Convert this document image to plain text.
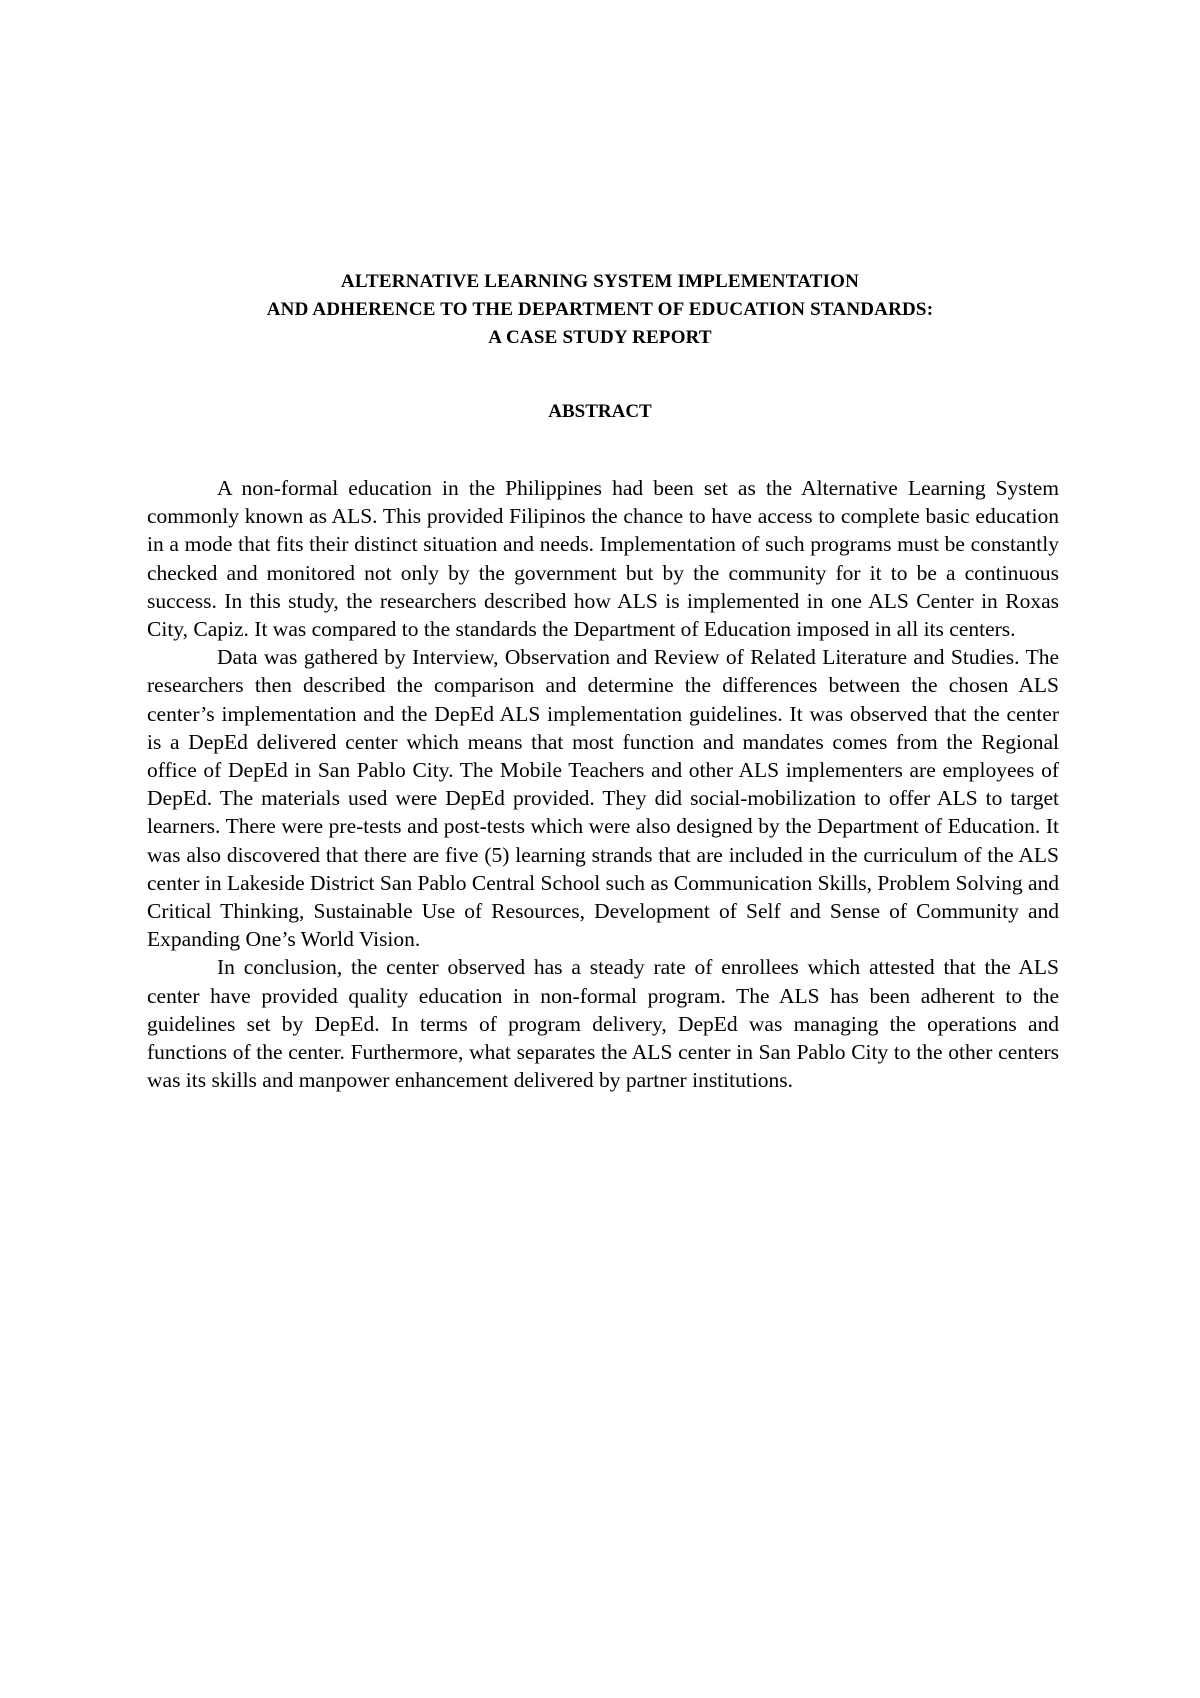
ALTERNATIVE LEARNING SYSTEM IMPLEMENTATION
AND ADHERENCE TO THE DEPARTMENT OF EDUCATION STANDARDS:
A CASE STUDY REPORT
ABSTRACT

A non-formal education in the Philippines had been set as the Alternative Learning System commonly known as ALS. This provided Filipinos the chance to have access to complete basic education in a mode that fits their distinct situation and needs. Implementation of such programs must be constantly checked and monitored not only by the government but by the community for it to be a continuous success. In this study, the researchers described how ALS is implemented in one ALS Center in Roxas City, Capiz. It was compared to the standards the Department of Education imposed in all its centers.

Data was gathered by Interview, Observation and Review of Related Literature and Studies. The researchers then described the comparison and determine the differences between the chosen ALS center’s implementation and the DepEd ALS implementation guidelines. It was observed that the center is a DepEd delivered center which means that most function and mandates comes from the Regional office of DepEd in San Pablo City. The Mobile Teachers and other ALS implementers are employees of DepEd. The materials used were DepEd provided. They did social-mobilization to offer ALS to target learners. There were pre-tests and post-tests which were also designed by the Department of Education. It was also discovered that there are five (5) learning strands that are included in the curriculum of the ALS center in Lakeside District San Pablo Central School such as Communication Skills, Problem Solving and Critical Thinking, Sustainable Use of Resources, Development of Self and Sense of Community and Expanding One’s World Vision.

In conclusion, the center observed has a steady rate of enrollees which attested that the ALS center have provided quality education in non-formal program. The ALS has been adherent to the guidelines set by DepEd. In terms of program delivery, DepEd was managing the operations and functions of the center. Furthermore, what separates the ALS center in San Pablo City to the other centers was its skills and manpower enhancement delivered by partner institutions.
